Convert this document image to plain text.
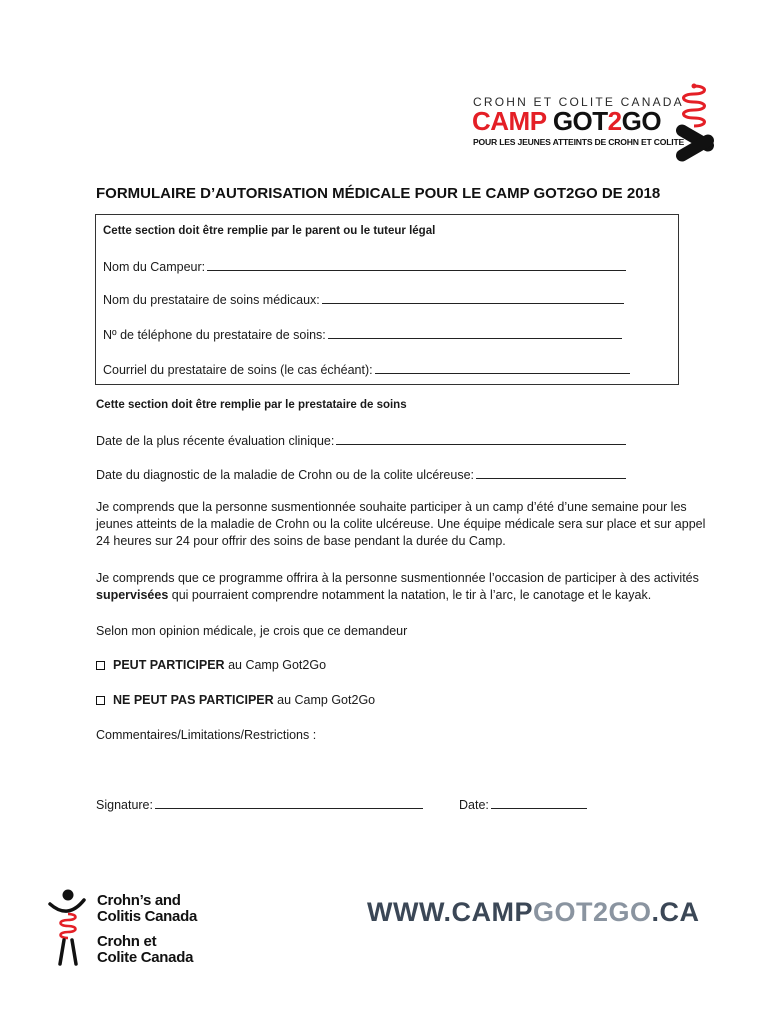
CROHN ET COLITE CANADA
CAMP GOT2GO
POUR LES JEUNES ATTEINTS DE CROHN ET COLITE
FORMULAIRE D’AUTORISATION MÉDICALE POUR LE CAMP GOT2GO DE 2018
Cette section doit être remplie par le parent ou le tuteur légal
Nom du Campeur:
Nom du prestataire de soins médicaux:
Nº de téléphone du prestataire de soins:
Courriel du prestataire de soins (le cas échéant):
Cette section doit être remplie par le prestataire de soins
Date de la plus récente évaluation clinique:
Date du diagnostic de la maladie de Crohn ou de la colite ulcéreuse:
Je comprends que la personne susmentionnée souhaite participer à un camp d’été d’une semaine pour les jeunes atteints de la maladie de Crohn ou la colite ulcéreuse. Une équipe médicale sera sur place et sur appel 24 heures sur 24 pour offrir des soins de base pendant la durée du Camp.
Je comprends que ce programme offrira à la personne susmentionnée l’occasion de participer à des activités supervisées qui pourraient comprendre notamment la natation, le tir à l’arc, le canotage et le kayak.
Selon mon opinion médicale, je crois que ce demandeur
PEUT PARTICIPER au Camp Got2Go
NE PEUT PAS PARTICIPER au Camp Got2Go
Commentaires/Limitations/Restrictions :
Signature:	Date:
Crohn’s and
Colitis Canada
Crohn et
Colite Canada
WWW.CAMPGOT2GO.CA
